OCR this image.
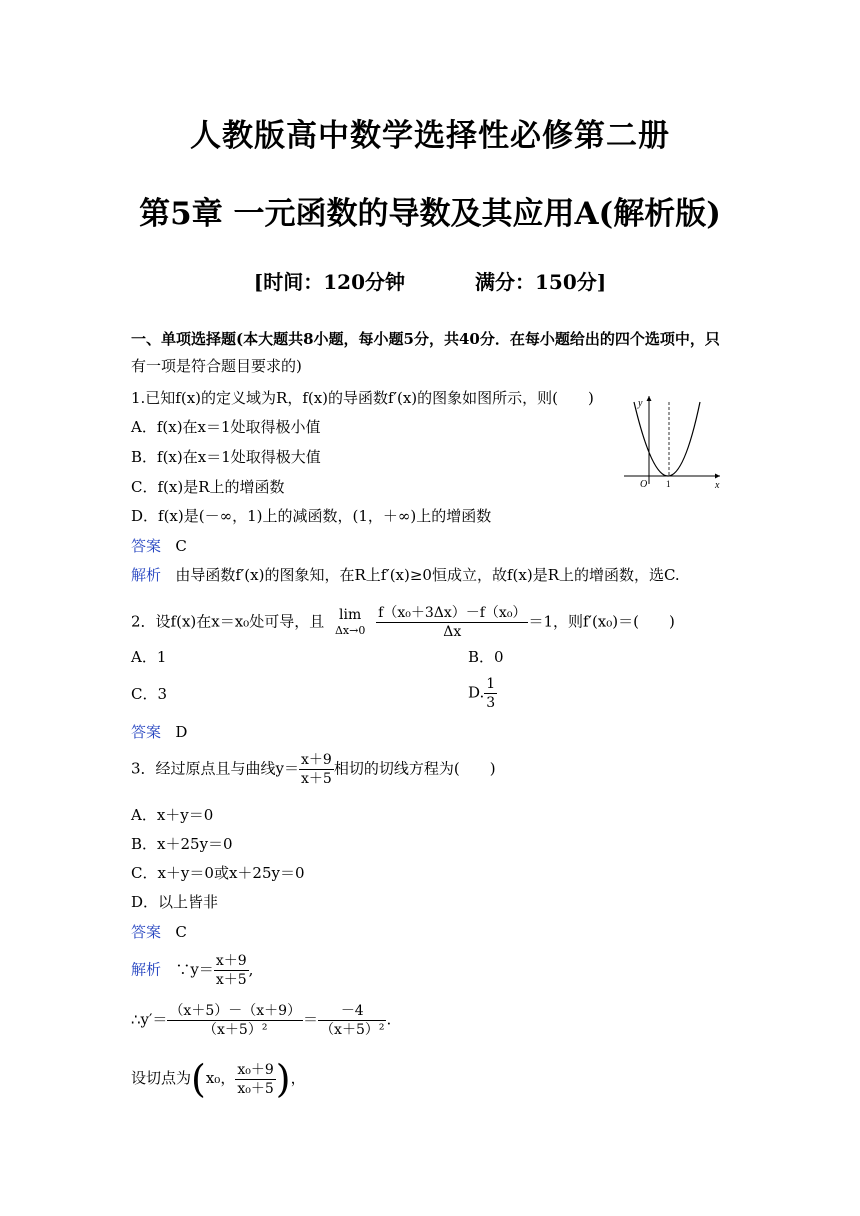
人教版高中数学选择性必修第二册
第5章 一元函数的导数及其应用A(解析版)
[时间：120分钟	满分：150分]
一、单项选择题(本大题共8小题，每小题5分，共40分．在每小题给出的四个选项中，只
有一项是符合题目要求的)
1.已知f(x)的定义域为R，f(x)的导函数f′(x)的图象如图所示，则(　　)
A．f(x)在x＝1处取得极小值
B．f(x)在x＝1处取得极大值
C．f(x)是R上的增函数
D．f(x)是(－∞，1)上的减函数，(1，＋∞)上的增函数
答案 C
解析 由导函数f′(x)的图象知，在R上f′(x)≥0恒成立，故f(x)是R上的增函数，选C.
y
x
O 1
2．设f(x)在x＝x₀处可导，且 lim
Δx→0
$\frac{\text{f（x₀＋3Δx）－f（x₀）}}{\Delta x} =1$，则f′(x₀)＝(　　)
A．1	B．0
C．3	D. $\frac{1}{3}$
答案 D
3．经过原点且与曲线$y= \frac{x+9}{x+5}$ 相切的切线方程为(　　)
A．x＋y＝0
B．x＋25y＝0
C．x＋y＝0或x＋25y＝0
D．以上皆非
答案 C
解析 ∵y＝ $\frac{x+9}{x+5}$ ,
∴y′＝ $\frac{(x+5)-(x+9)}{\text{（x＋5）²}} = \frac{-4}{\text{（x＋5）²}}$ .
设切点为(x₀， $\frac{\text{x₀＋9}}{\text{x₀＋5}}$ )，
